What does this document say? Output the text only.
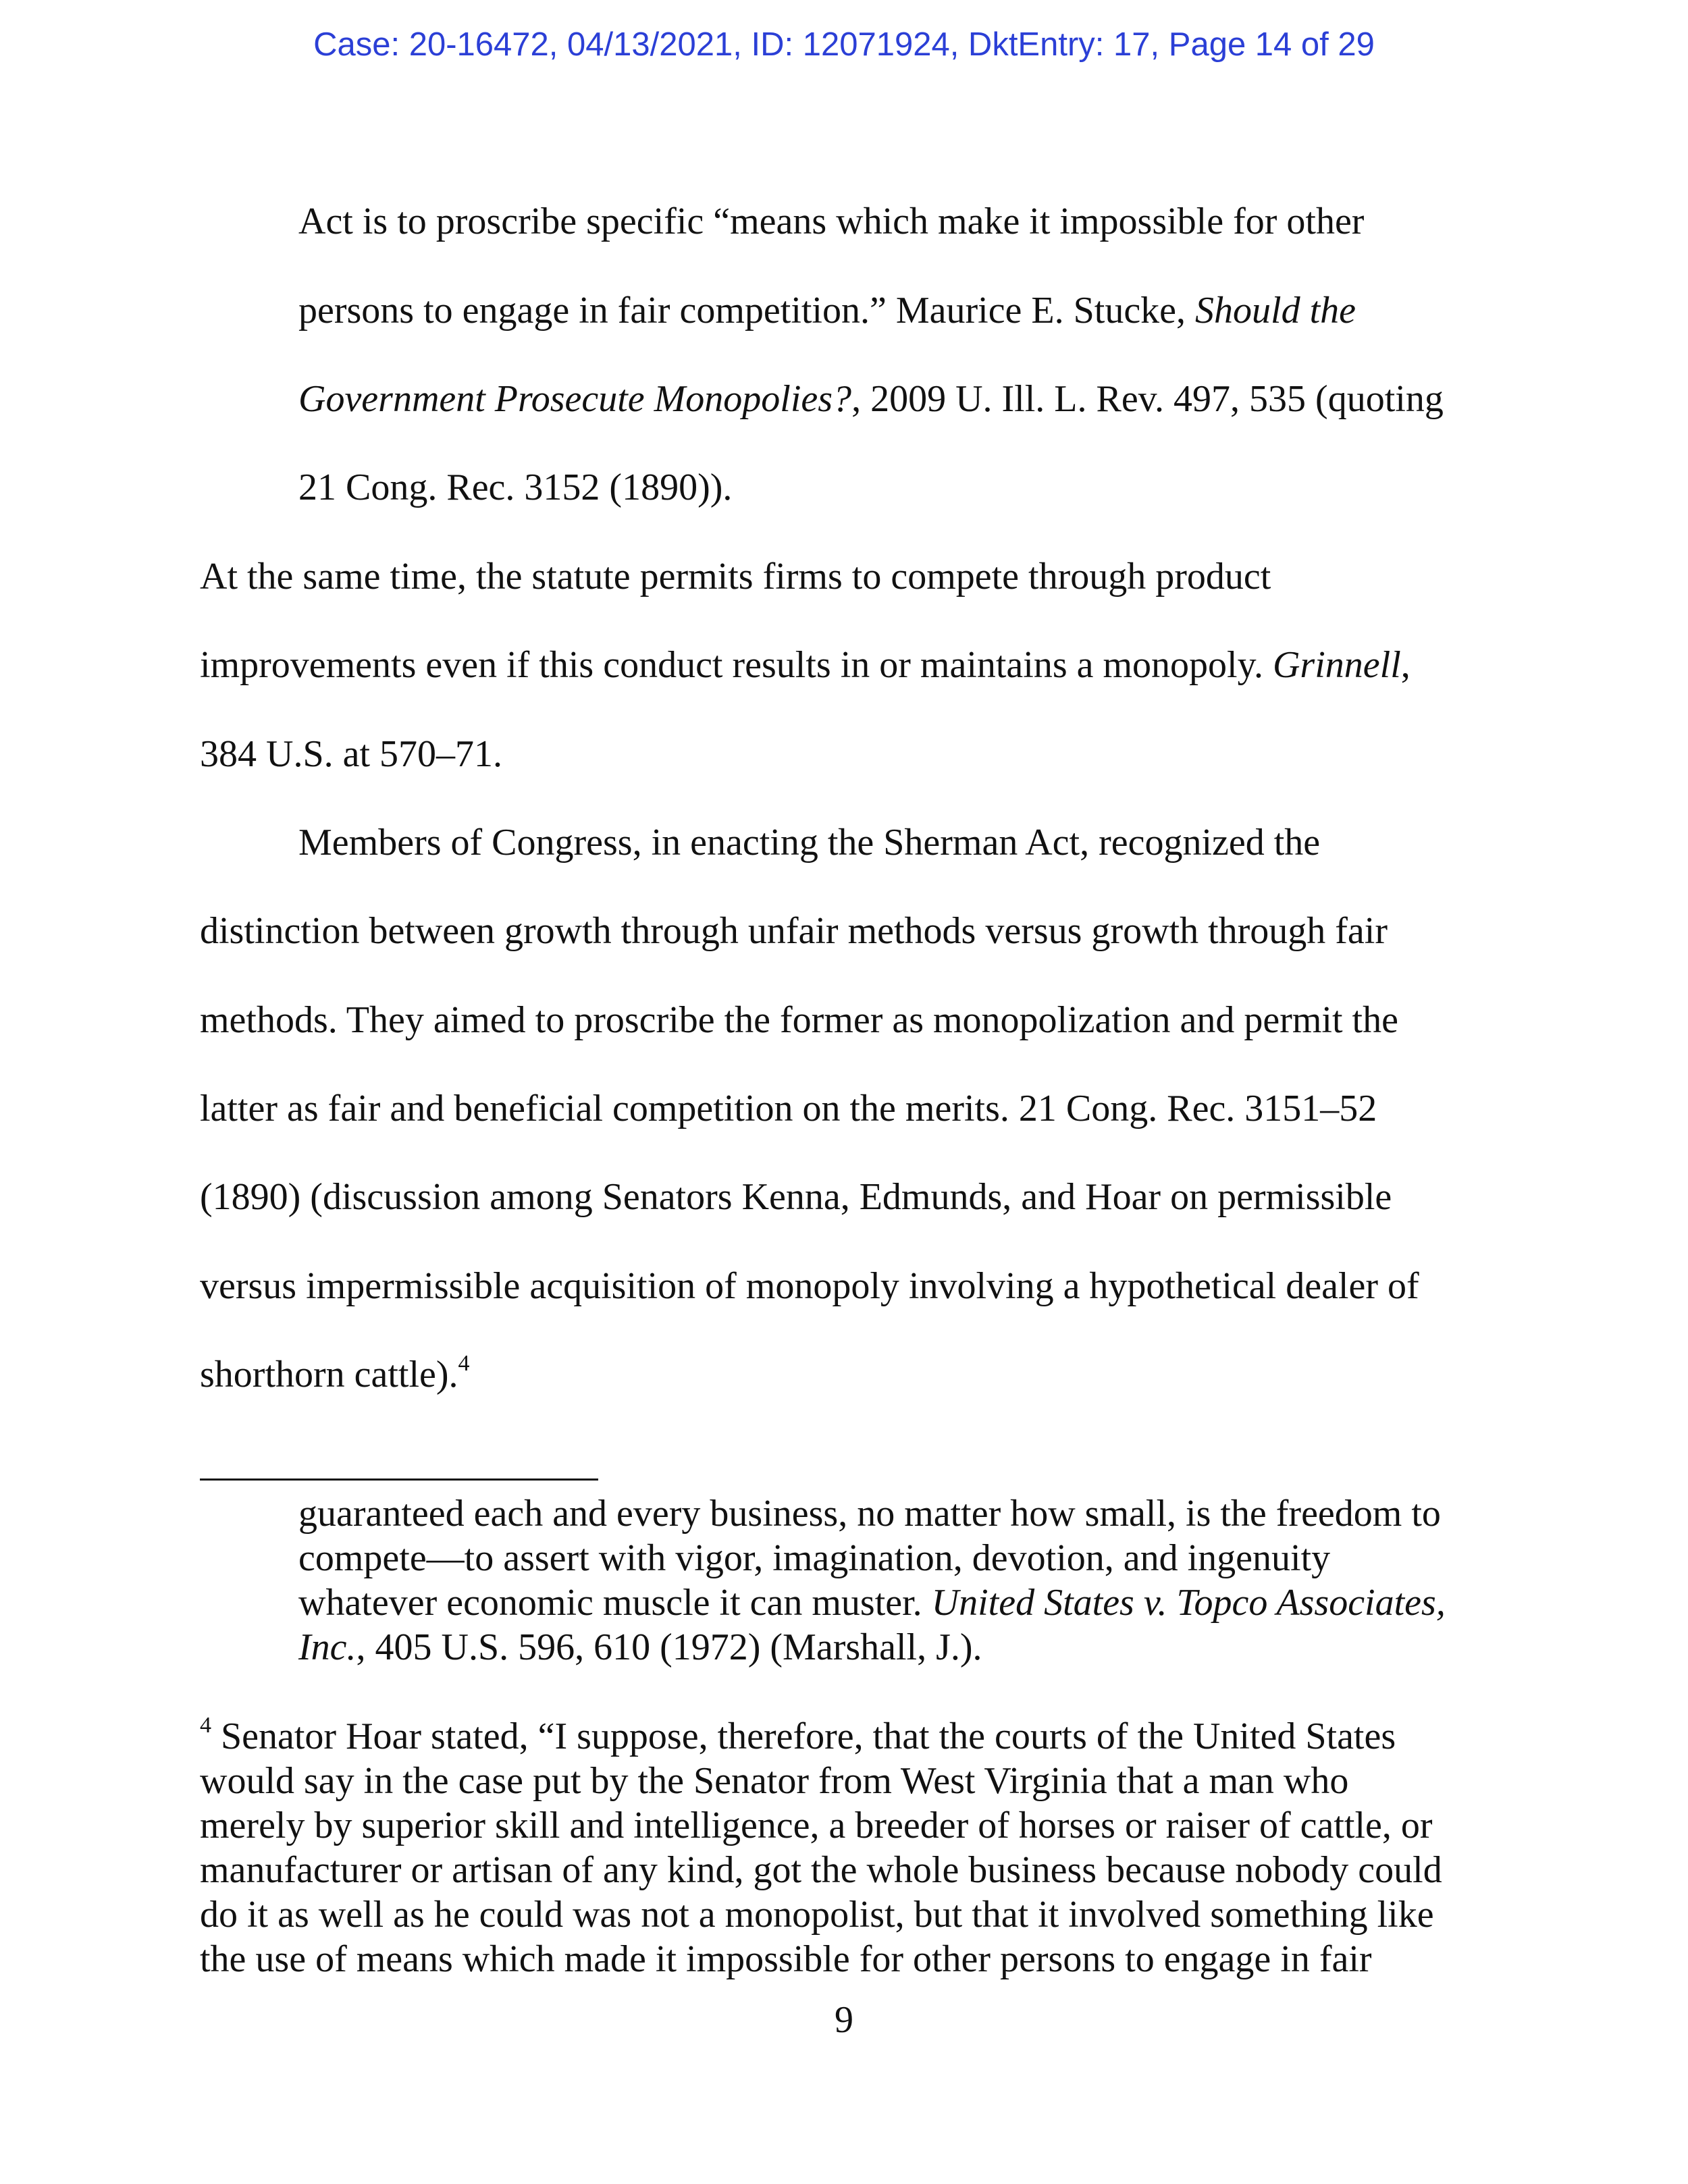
Case: 20-16472, 04/13/2021, ID: 12071924, DktEntry: 17, Page 14 of 29
Act is to proscribe specific “means which make it impossible for other
persons to engage in fair competition.” Maurice E. Stucke, Should the
Government Prosecute Monopolies?, 2009 U. Ill. L. Rev. 497, 535 (quoting
21 Cong. Rec. 3152 (1890)).
At the same time, the statute permits firms to compete through product
improvements even if this conduct results in or maintains a monopoly. Grinnell,
384 U.S. at 570–71.
Members of Congress, in enacting the Sherman Act, recognized the
distinction between growth through unfair methods versus growth through fair
methods. They aimed to proscribe the former as monopolization and permit the
latter as fair and beneficial competition on the merits. 21 Cong. Rec. 3151–52
(1890) (discussion among Senators Kenna, Edmunds, and Hoar on permissible
versus impermissible acquisition of monopoly involving a hypothetical dealer of
shorthorn cattle).$^4$
guaranteed each and every business, no matter how small, is the freedom to
compete—to assert with vigor, imagination, devotion, and ingenuity
whatever economic muscle it can muster. United States v. Topco Associates,
Inc., 405 U.S. 596, 610 (1972) (Marshall, J.).
$^4$ Senator Hoar stated, “I suppose, therefore, that the courts of the United States
would say in the case put by the Senator from West Virginia that a man who
merely by superior skill and intelligence, a breeder of horses or raiser of cattle, or
manufacturer or artisan of any kind, got the whole business because nobody could
do it as well as he could was not a monopolist, but that it involved something like
the use of means which made it impossible for other persons to engage in fair
9
